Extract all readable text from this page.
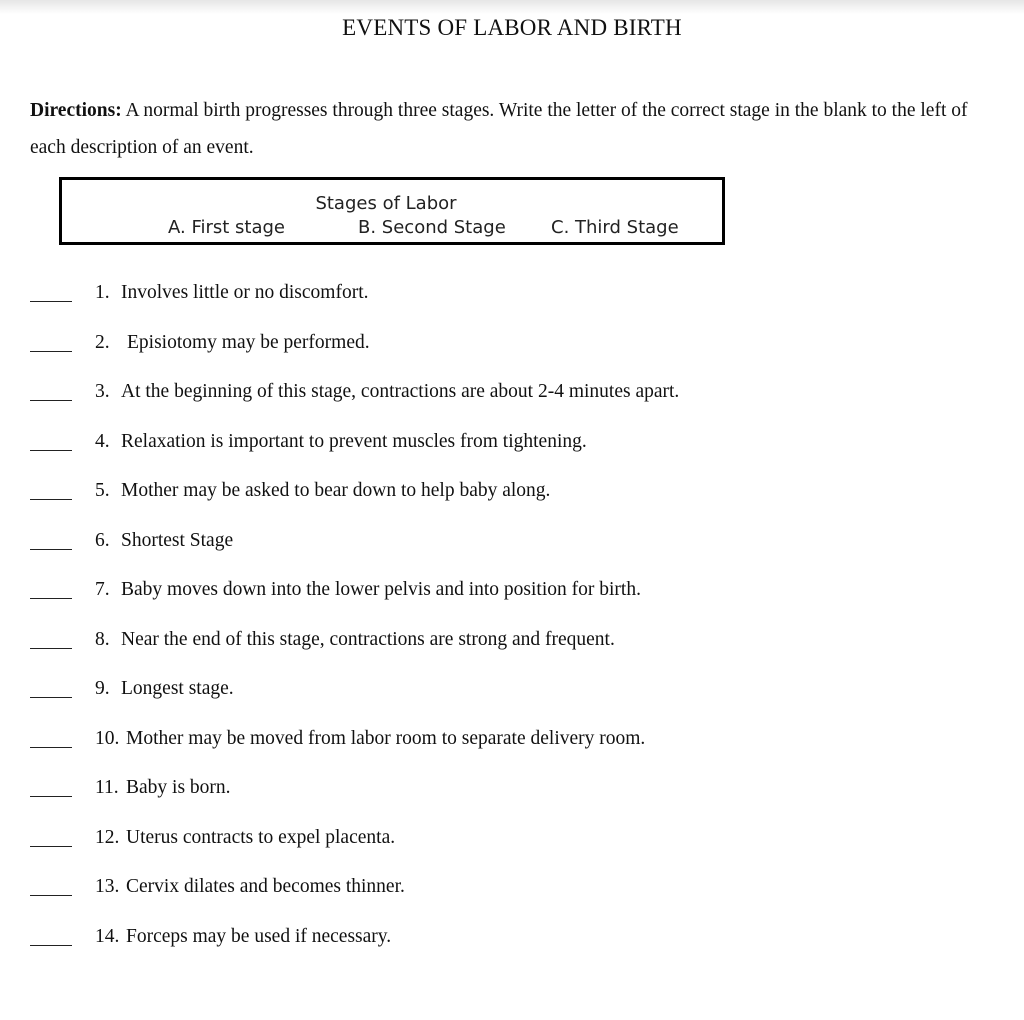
EVENTS OF LABOR AND BIRTH
Directions: A normal birth progresses through three stages. Write the letter of the correct stage in the blank to the left of each description of an event.
Stages of Labor
A. First stage	B. Second Stage	C. Third Stage
1. Involves little or no discomfort.
2. Episiotomy may be performed.
3. At the beginning of this stage, contractions are about 2-4 minutes apart.
4. Relaxation is important to prevent muscles from tightening.
5. Mother may be asked to bear down to help baby along.
6. Shortest Stage
7. Baby moves down into the lower pelvis and into position for birth.
8. Near the end of this stage, contractions are strong and frequent.
9. Longest stage.
10. Mother may be moved from labor room to separate delivery room.
11. Baby is born.
12. Uterus contracts to expel placenta.
13. Cervix dilates and becomes thinner.
14. Forceps may be used if necessary.
